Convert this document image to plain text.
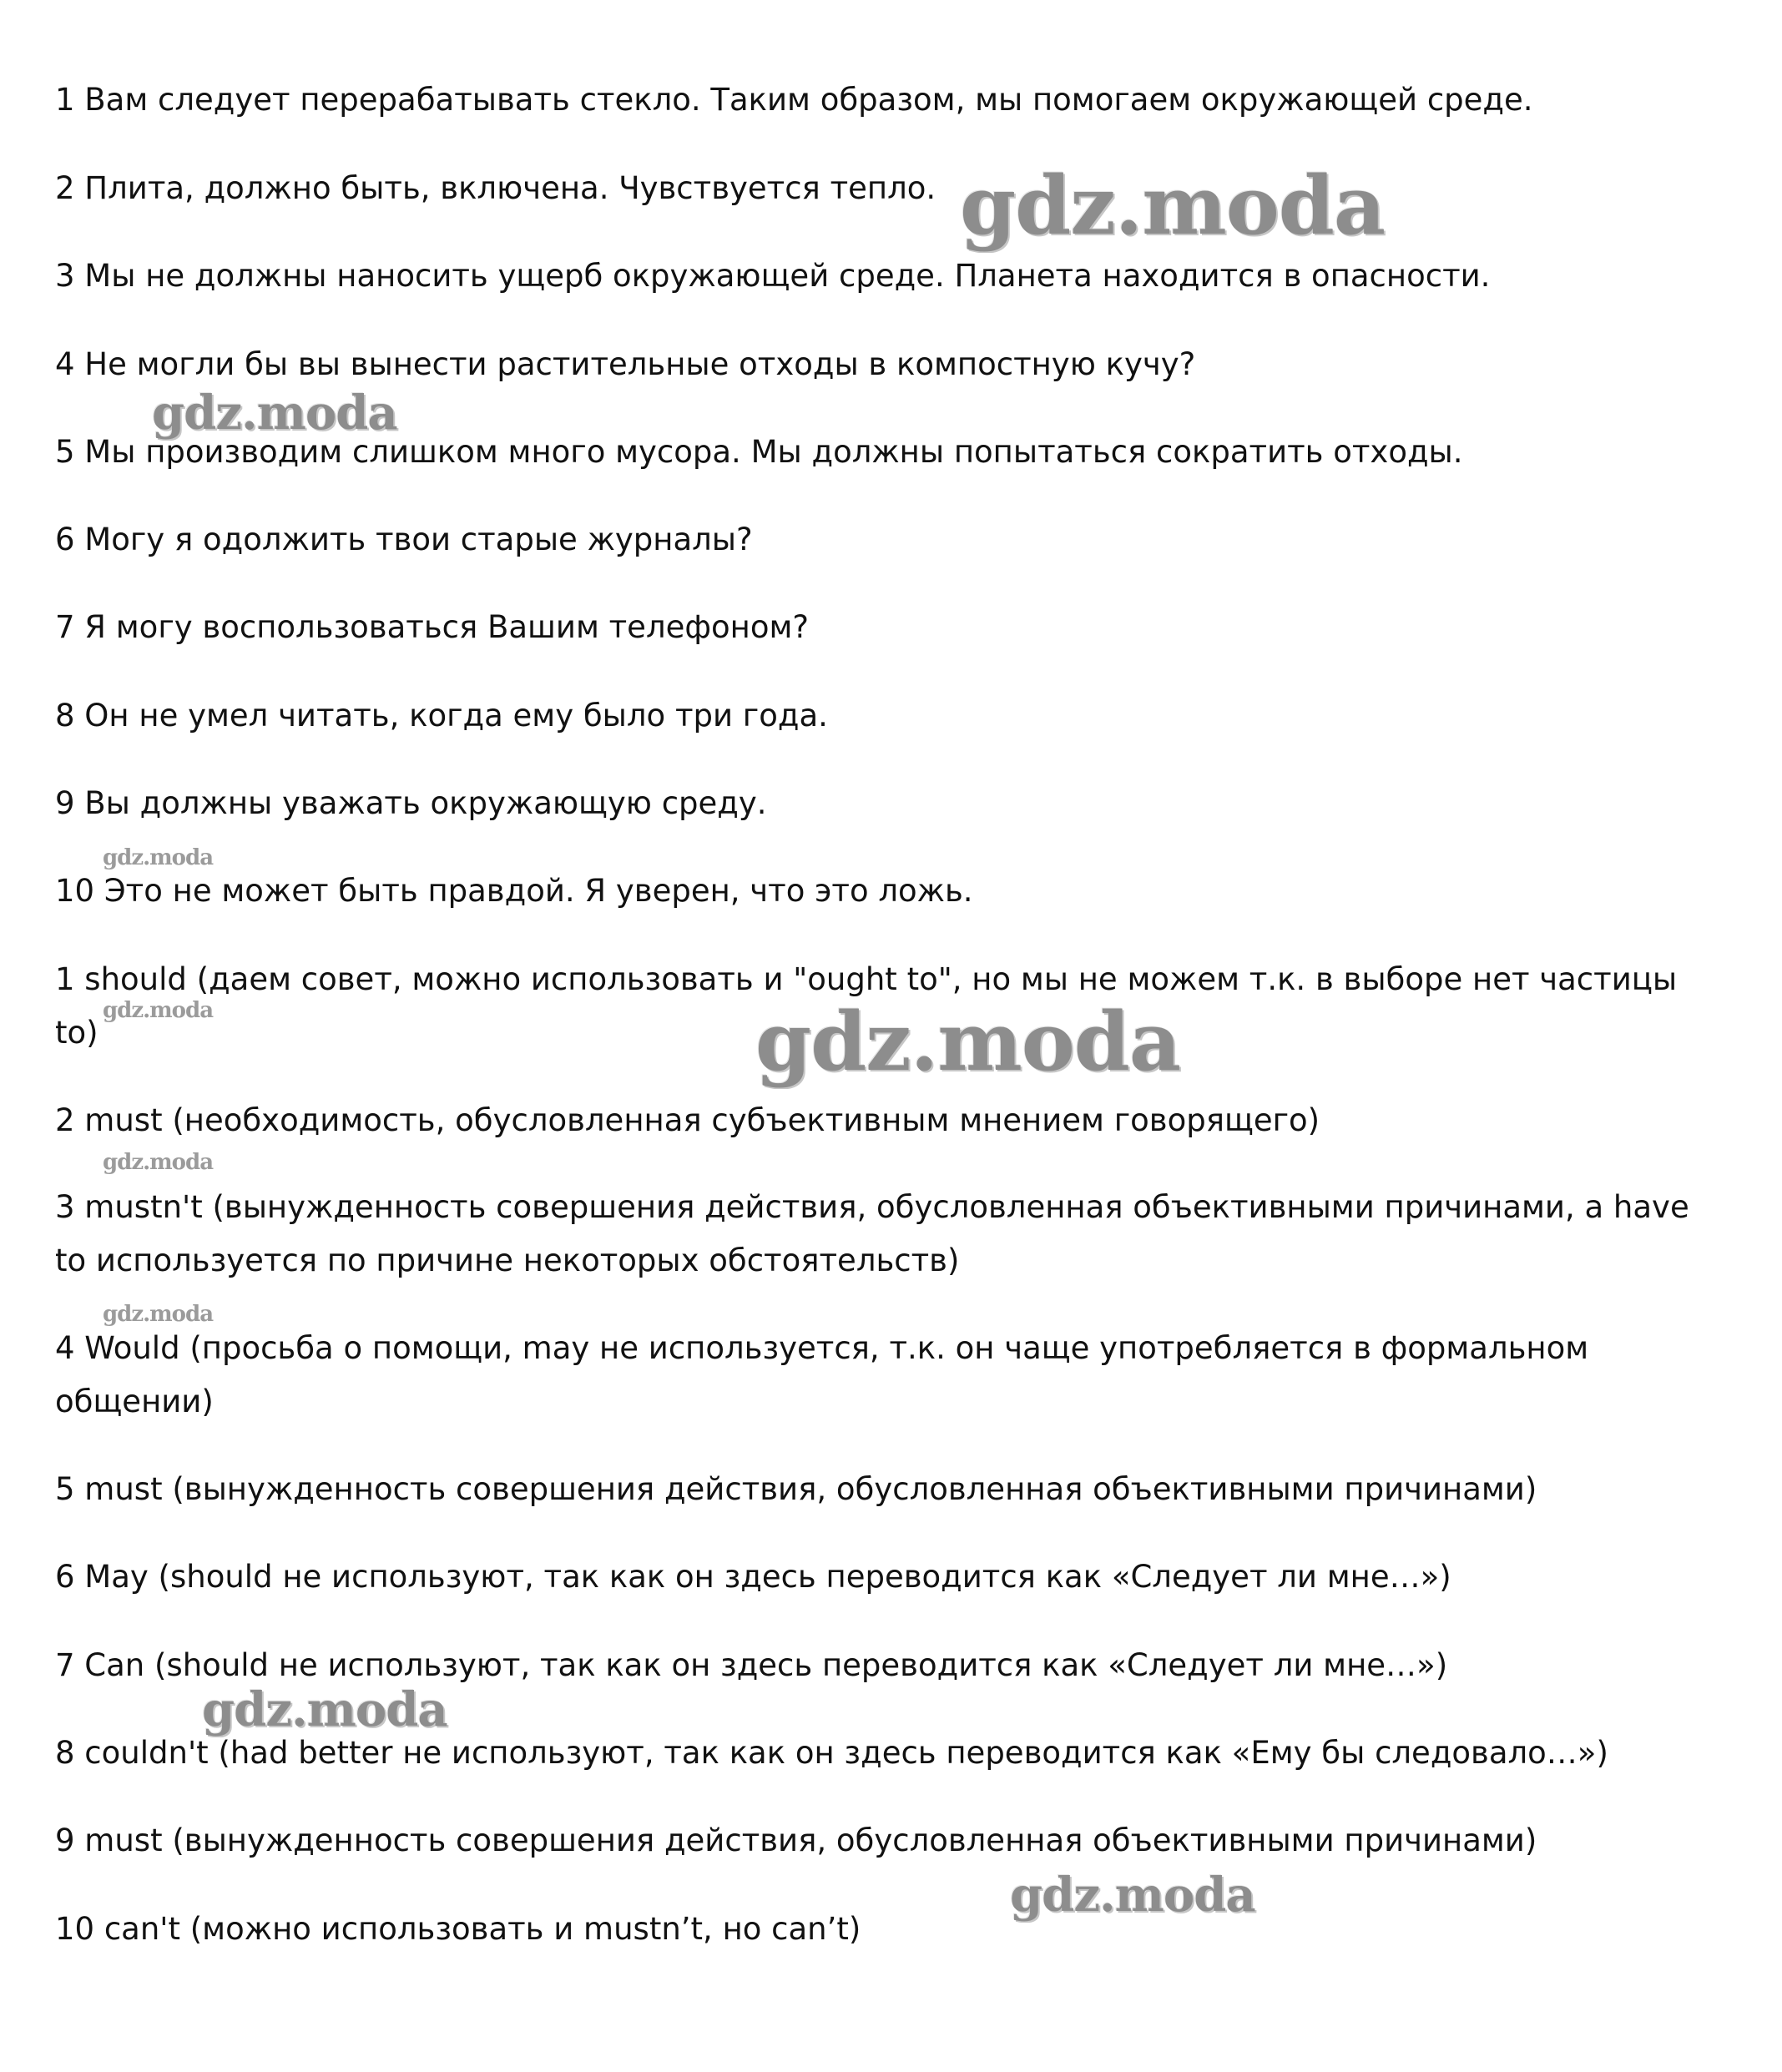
1 Вам следует перерабатывать стекло. Таким образом, мы помогаем окружающей среде.

2 Плита, должно быть, включена. Чувствуется тепло.

3 Мы не должны наносить ущерб окружающей среде. Планета находится в опасности.

4 Не могли бы вы вынести растительные отходы в компостную кучу?

5 Мы производим слишком много мусора. Мы должны попытаться сократить отходы.

6 Могу я одолжить твои старые журналы?

7 Я могу воспользоваться Вашим телефоном?

8 Он не умел читать, когда ему было три года.

9 Вы должны уважать окружающую среду.

10 Это не может быть правдой. Я уверен, что это ложь.

1 should (даем совет, можно использовать и "ought to", но мы не можем т.к. в выборе нет частицы to)

2 must (необходимость, обусловленная субъективным мнением говорящего)

3 mustn't (вынужденность совершения действия, обусловленная объективными причинами, a have to используется по причине некоторых обстоятельств)

4 Would (просьба о помощи, may не используется, т.к. он чаще употребляется в формальном общении)

5 must (вынужденность совершения действия, обусловленная объективными причинами)

6 May (should не используют, так как он здесь переводится как «Следует ли мне…»)

7 Can (should не используют, так как он здесь переводится как «Следует ли мне…»)

8 couldn't (had better не используют, так как он здесь переводится как «Ему бы следовало…»)

9 must (вынужденность совершения действия, обусловленная объективными причинами)

10 can't (можно использовать и mustn’t, но can’t)

gdz.moda
gdz.moda
gdz.moda
gdz.moda	gdz.moda
gdz.moda
gdz.moda
gdz.moda
gdz.moda
